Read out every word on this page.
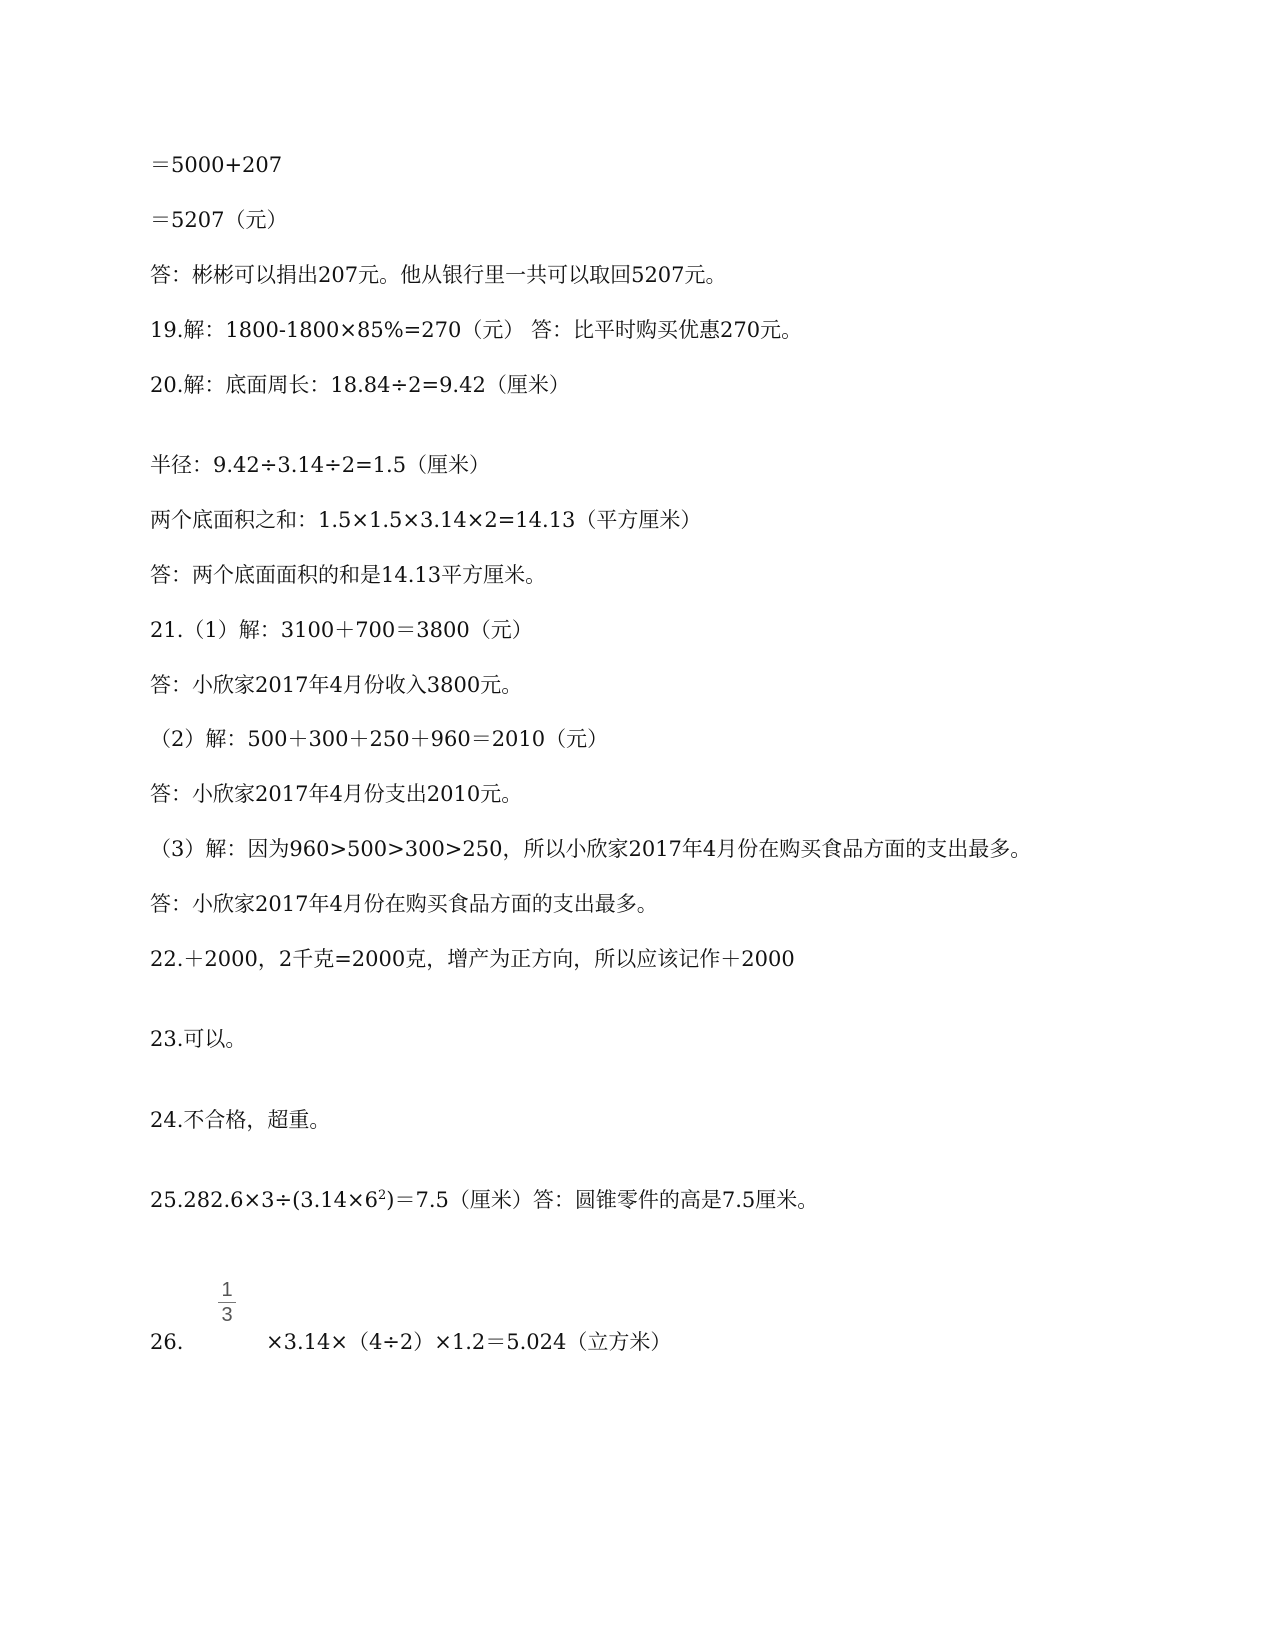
＝5000+207
＝5207（元）
答：彬彬可以捐出207元。他从银行里一共可以取回5207元。
19.解：1800-1800×85%=270（元） 答：比平时购买优惠270元。
20.解：底面周长：18.84÷2=9.42（厘米）
半径：9.42÷3.14÷2=1.5（厘米）
两个底面积之和：1.5×1.5×3.14×2=14.13（平方厘米）
答：两个底面面积的和是14.13平方厘米。
21.（1）解：3100＋700＝3800（元）
答：小欣家2017年4月份收入3800元。
（2）解：500＋300＋250＋960＝2010（元）
答：小欣家2017年4月份支出2010元。
（3）解：因为960>500>300>250，所以小欣家2017年4月份在购买食品方面的支出最多。
答：小欣家2017年4月份在购买食品方面的支出最多。
22.＋2000，2千克=2000克，增产为正方向，所以应该记作＋2000
23.可以。
24.不合格，超重。
$25.282.6\times 3\div(3.14\times 6^2)=7.5$（厘米）答：圆锥零件的高是7.5厘米。
26.
1
3
×3.14×（4÷2）×1.2＝5.024（立方米）
